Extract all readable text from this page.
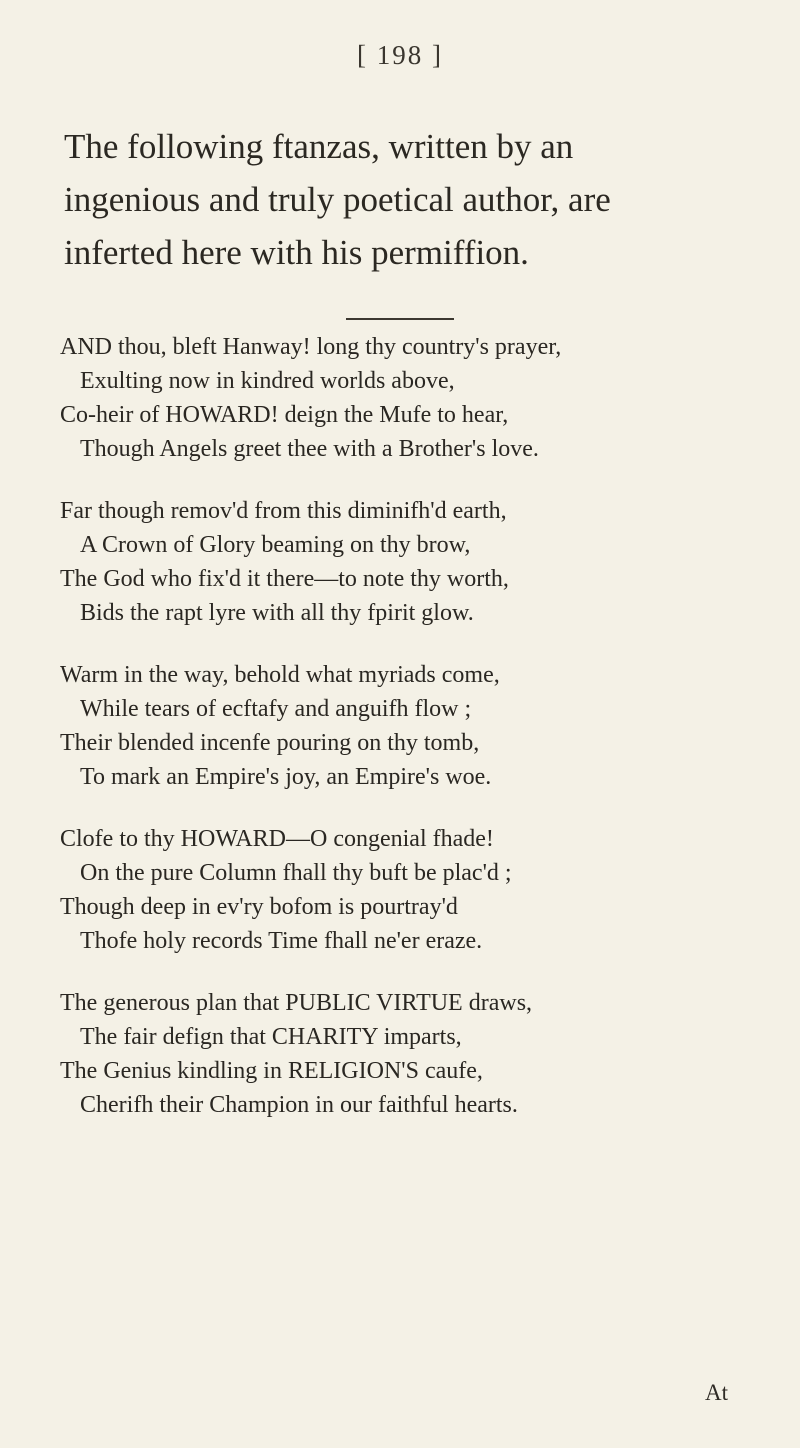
[ 198 ]
The following ftanzas, written by an
ingenious and truly poetical author, are
inferted here with his permiffion.
AND thou, bleft Hanway! long thy country's prayer,
Exulting now in kindred worlds above,
Co-heir of HOWARD! deign the Mufe to hear,
Though Angels greet thee with a Brother's love.
Far though remov'd from this diminifh'd earth,
A Crown of Glory beaming on thy brow,
The God who fix'd it there—to note thy worth,
Bids the rapt lyre with all thy fpirit glow.
Warm in the way, behold what myriads come,
While tears of ecftafy and anguifh flow ;
Their blended incenfe pouring on thy tomb,
To mark an Empire's joy, an Empire's woe.
Clofe to thy HOWARD—O congenial fhade!
On the pure Column fhall thy buft be plac'd ;
Though deep in ev'ry bofom is pourtray'd
Thofe holy records Time fhall ne'er eraze.
The generous plan that PUBLIC VIRTUE draws,
The fair defign that CHARITY imparts,
The Genius kindling in RELIGION'S caufe,
Cherifh their Champion in our faithful hearts.
At
